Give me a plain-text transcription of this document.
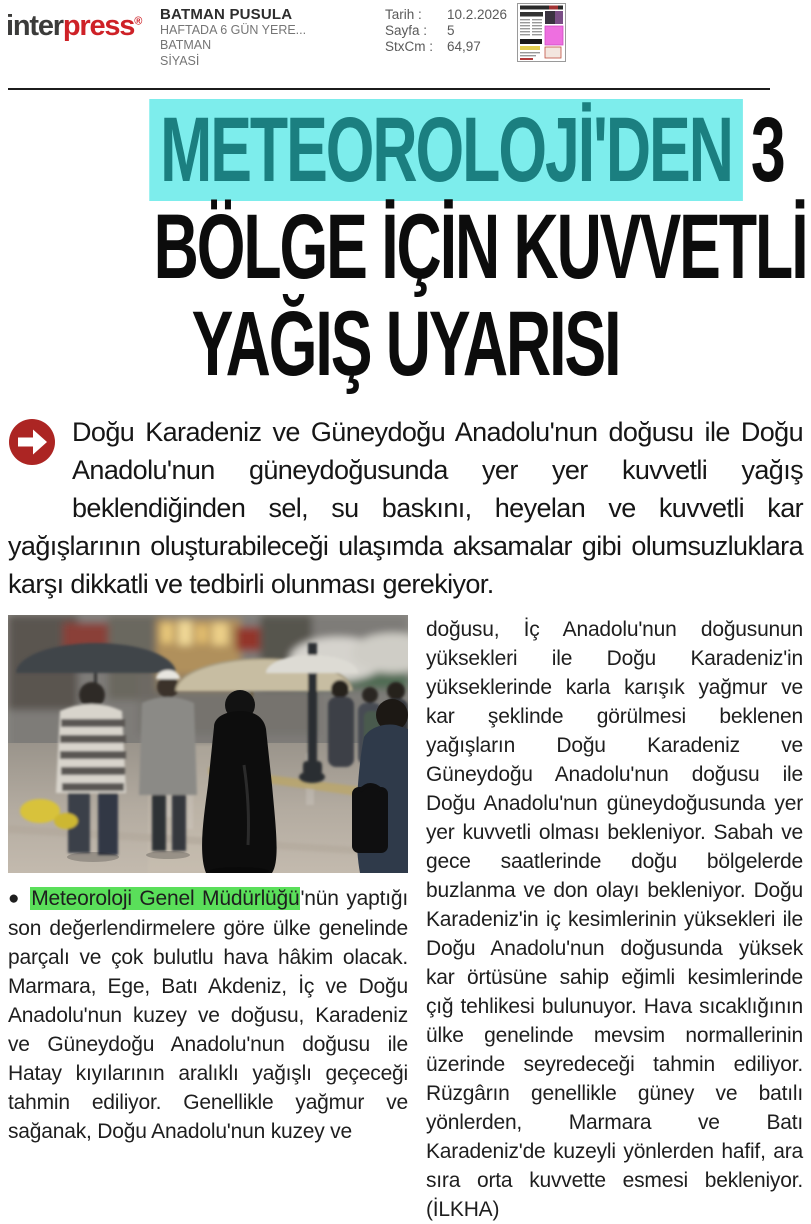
interpress® BATMAN PUSULA
HAFTADA 6 GÜN YERE...
BATMAN
SİYASİ
Tarih :	10.2.2026
Sayfa :	5
StxCm :	64,97
METEOROLOJİ'DEN 3
BÖLGE İÇİN KUVVETLİ
YAĞIŞ UYARISI

Doğu Karadeniz ve Güneydoğu Anadolu'nun doğusu ile Doğu Anadolu'nun güneydoğusunda yer yer kuvvetli yağış beklendiğinden sel, su baskını, heyelan ve kuvvetli kar yağışlarının oluşturabileceği ulaşımda aksamalar gibi olumsuzluklara karşı dikkatli ve tedbirli olunması gerekiyor.

● Meteoroloji Genel Müdürlüğü'nün yaptığı son değerlendirmelere göre ülke genelinde parçalı ve çok bulutlu hava hâkim olacak. Marmara, Ege, Batı Akdeniz, İç ve Doğu Anadolu'nun kuzey ve doğusu, Karadeniz ve Güneydoğu Anadolu'nun doğusu ile Hatay kıyılarının aralıklı yağışlı geçeceği tahmin ediliyor. Genellikle yağmur ve sağanak, Doğu Anadolu'nun kuzey ve

doğusu, İç Anadolu'nun doğusunun yüksekleri ile Doğu Karadeniz'in yükseklerinde karla karışık yağmur ve kar şeklinde görülmesi beklenen yağışların Doğu Karadeniz ve Güneydoğu Anadolu'nun doğusu ile Doğu Anadolu'nun güneydoğusunda yer yer kuvvetli olması bekleniyor. Sabah ve gece saatlerinde doğu bölgelerde buzlanma ve don olayı bekleniyor. Doğu Karadeniz'in iç kesimlerinin yüksekleri ile Doğu Anadolu'nun doğusunda yüksek kar örtüsüne sahip eğimli kesimlerinde çığ tehlikesi bulunuyor. Hava sıcaklığının ülke genelinde mevsim normallerinin üzerinde seyredeceği tahmin ediliyor. Rüzgârın genellikle güney ve batılı yönlerden, Marmara ve Batı Karadeniz'de kuzeyli yönlerden hafif, ara sıra orta kuvvette esmesi bekleniyor. (İLKHA)
